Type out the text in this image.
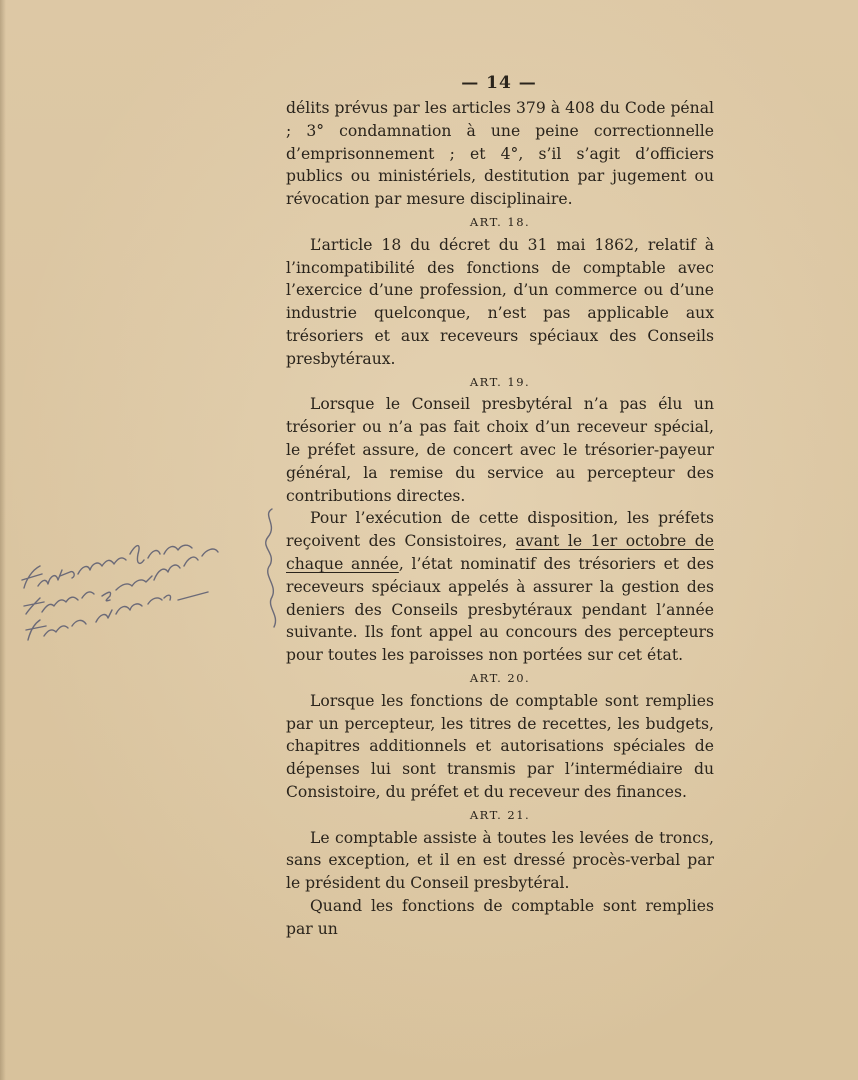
— 14 —

délits prévus par les articles 379 à 408 du Code pénal ; 3° condamnation à une peine correctionnelle d’emprisonnement ; et 4°, s’il s’agit d’officiers publics ou ministériels, destitution par jugement ou révocation par mesure disciplinaire.

ART. 18.

L’article 18 du décret du 31 mai 1862, relatif à l’incompatibilité des fonctions de comptable avec l’exercice d’une profession, d’un commerce ou d’une industrie quelconque, n’est pas applicable aux trésoriers et aux receveurs spéciaux des Conseils presbytéraux.

ART. 19.

Lorsque le Conseil presbytéral n’a pas élu un trésorier ou n’a pas fait choix d’un receveur spécial, le préfet assure, de concert avec le trésorier-payeur général, la remise du service au percepteur des contributions directes.

Pour l’exécution de cette disposition, les préfets reçoivent des Consistoires, avant le 1er octobre de chaque année, l’état nominatif des trésoriers et des receveurs spéciaux appelés à assurer la gestion des deniers des Conseils presbytéraux pendant l’année suivante. Ils font appel au concours des percepteurs pour toutes les paroisses non portées sur cet état.

ART. 20.

Lorsque les fonctions de comptable sont remplies par un percepteur, les titres de recettes, les budgets, chapitres additionnels et autorisations spéciales de dépenses lui sont transmis par l’intermédiaire du Consistoire, du préfet et du receveur des finances.

ART. 21.

Le comptable assiste à toutes les levées de troncs, sans exception, et il en est dressé procès-verbal par le président du Conseil presbytéral.

Quand les fonctions de comptable sont remplies par un
